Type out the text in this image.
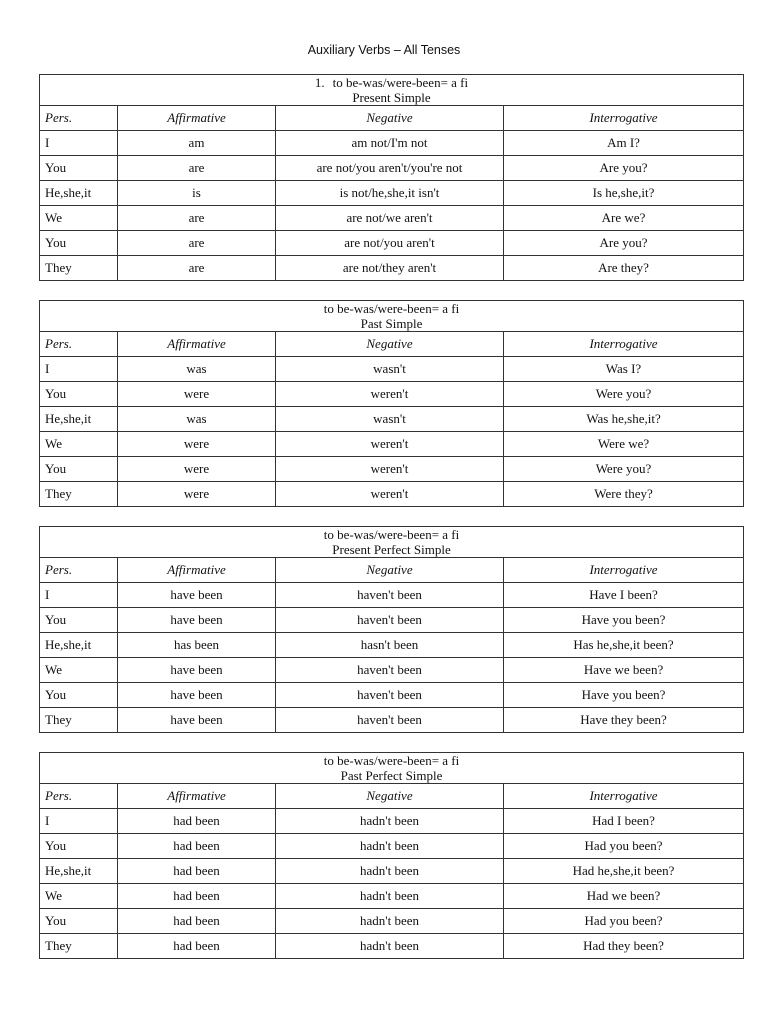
Auxiliary Verbs – All Tenses
1. to be-was/were-been= a fi
Present Simple			
Pers.	Affirmative	Negative	Interrogative
I	am	am not/I'm not	Am I?
You	are	are not/you aren't/you're not	Are you?
He,she,it	is	is not/he,she,it isn't	Is he,she,it?
We	are	are not/we aren't	Are we?
You	are	are not/you aren't	Are you?
They	are	are not/they aren't	Are they?
to be-was/were-been= a fi
Past Simple			
Pers.	Affirmative	Negative	Interrogative
I	was	wasn't	Was I?
You	were	weren't	Were you?
He,she,it	was	wasn't	Was he,she,it?
We	were	weren't	Were we?
You	were	weren't	Were you?
They	were	weren't	Were they?
to be-was/were-been= a fi
Present Perfect Simple			
Pers.	Affirmative	Negative	Interrogative
I	have been	haven't been	Have I been?
You	have been	haven't been	Have you been?
He,she,it	has been	hasn't been	Has he,she,it been?
We	have been	haven't been	Have we been?
You	have been	haven't been	Have you been?
They	have been	haven't been	Have they been?
to be-was/were-been= a fi
Past Perfect Simple			
Pers.	Affirmative	Negative	Interrogative
I	had been	hadn't been	Had I been?
You	had been	hadn't been	Had you been?
He,she,it	had been	hadn't been	Had he,she,it been?
We	had been	hadn't been	Had we been?
You	had been	hadn't been	Had you been?
They	had been	hadn't been	Had they been?
